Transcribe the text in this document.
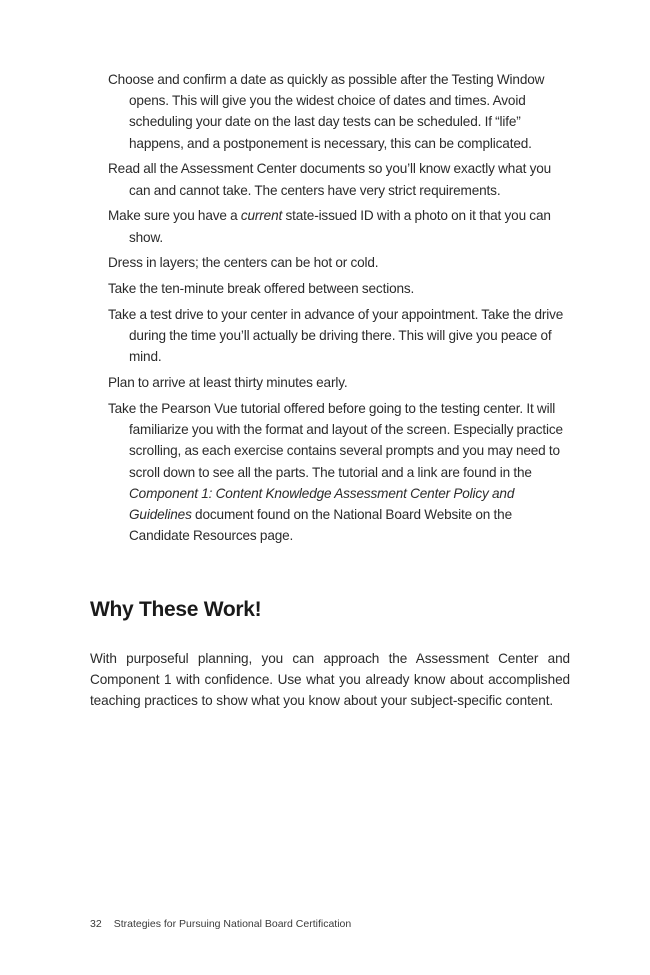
Choose and confirm a date as quickly as possible after the Testing Window opens. This will give you the widest choice of dates and times. Avoid scheduling your date on the last day tests can be scheduled. If “life” happens, and a postponement is necessary, this can be complicated.
Read all the Assessment Center documents so you’ll know exactly what you can and cannot take. The centers have very strict requirements.
Make sure you have a current state-issued ID with a photo on it that you can show.
Dress in layers; the centers can be hot or cold.
Take the ten-minute break offered between sections.
Take a test drive to your center in advance of your appointment. Take the drive during the time you’ll actually be driving there. This will give you peace of mind.
Plan to arrive at least thirty minutes early.
Take the Pearson Vue tutorial offered before going to the testing center. It will familiarize you with the format and layout of the screen. Especially practice scrolling, as each exercise contains several prompts and you may need to scroll down to see all the parts. The tutorial and a link are found in the Component 1: Content Knowledge Assessment Center Policy and Guidelines document found on the National Board Website on the Candidate Resources page.
Why These Work!

With purposeful planning, you can approach the Assessment Center and Component 1 with confidence. Use what you already know about accomplished teaching practices to show what you know about your subject-specific content.

32 Strategies for Pursuing National Board Certification
